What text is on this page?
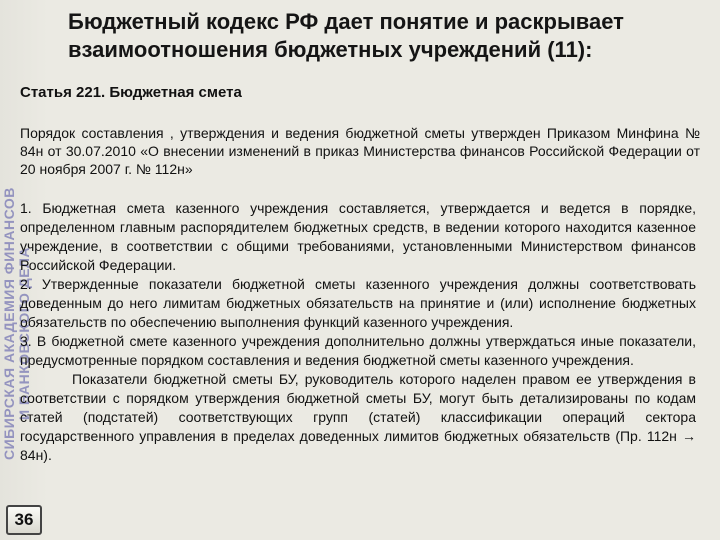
СИБИРСКАЯ АКАДЕМИЯ ФИНАНСОВ И БАНКОВСКОГО ДЕЛА
36
Бюджетный кодекс РФ дает понятие и раскрывает взаимоотношения бюджетных учреждений (11):
Статья 221. Бюджетная смета
Порядок составления , утверждения и ведения бюджетной сметы утвержден Приказом Минфина № 84н от 30.07.2010 «О внесении изменений в приказ Министерства финансов Российской Федерации от 20 ноября 2007 г. № 112н»

1. Бюджетная смета казенного учреждения составляется, утверждается и ведется в порядке, определенном главным распорядителем бюджетных средств, в ведении которого находится казенное учреждение, в соответствии с общими требованиями, установленными Министерством финансов Российской Федерации.

2. Утвержденные показатели бюджетной сметы казенного учреждения должны соответствовать доведенным до него лимитам бюджетных обязательств на принятие и (или) исполнение бюджетных обязательств по обеспечению выполнения функций казенного учреждения.

3. В бюджетной смете казенного учреждения дополнительно должны утверждаться иные показатели, предусмотренные порядком составления и ведения бюджетной сметы казенного учреждения.

Показатели бюджетной сметы БУ, руководитель которого наделен правом ее утверждения в соответствии с порядком утверждения бюджетной сметы БУ, могут быть детализированы по кодам статей (подстатей) соответствующих групп (статей) классификации операций сектора государственного управления в пределах доведенных лимитов бюджетных обязательств (Пр. 112н → 84н).
